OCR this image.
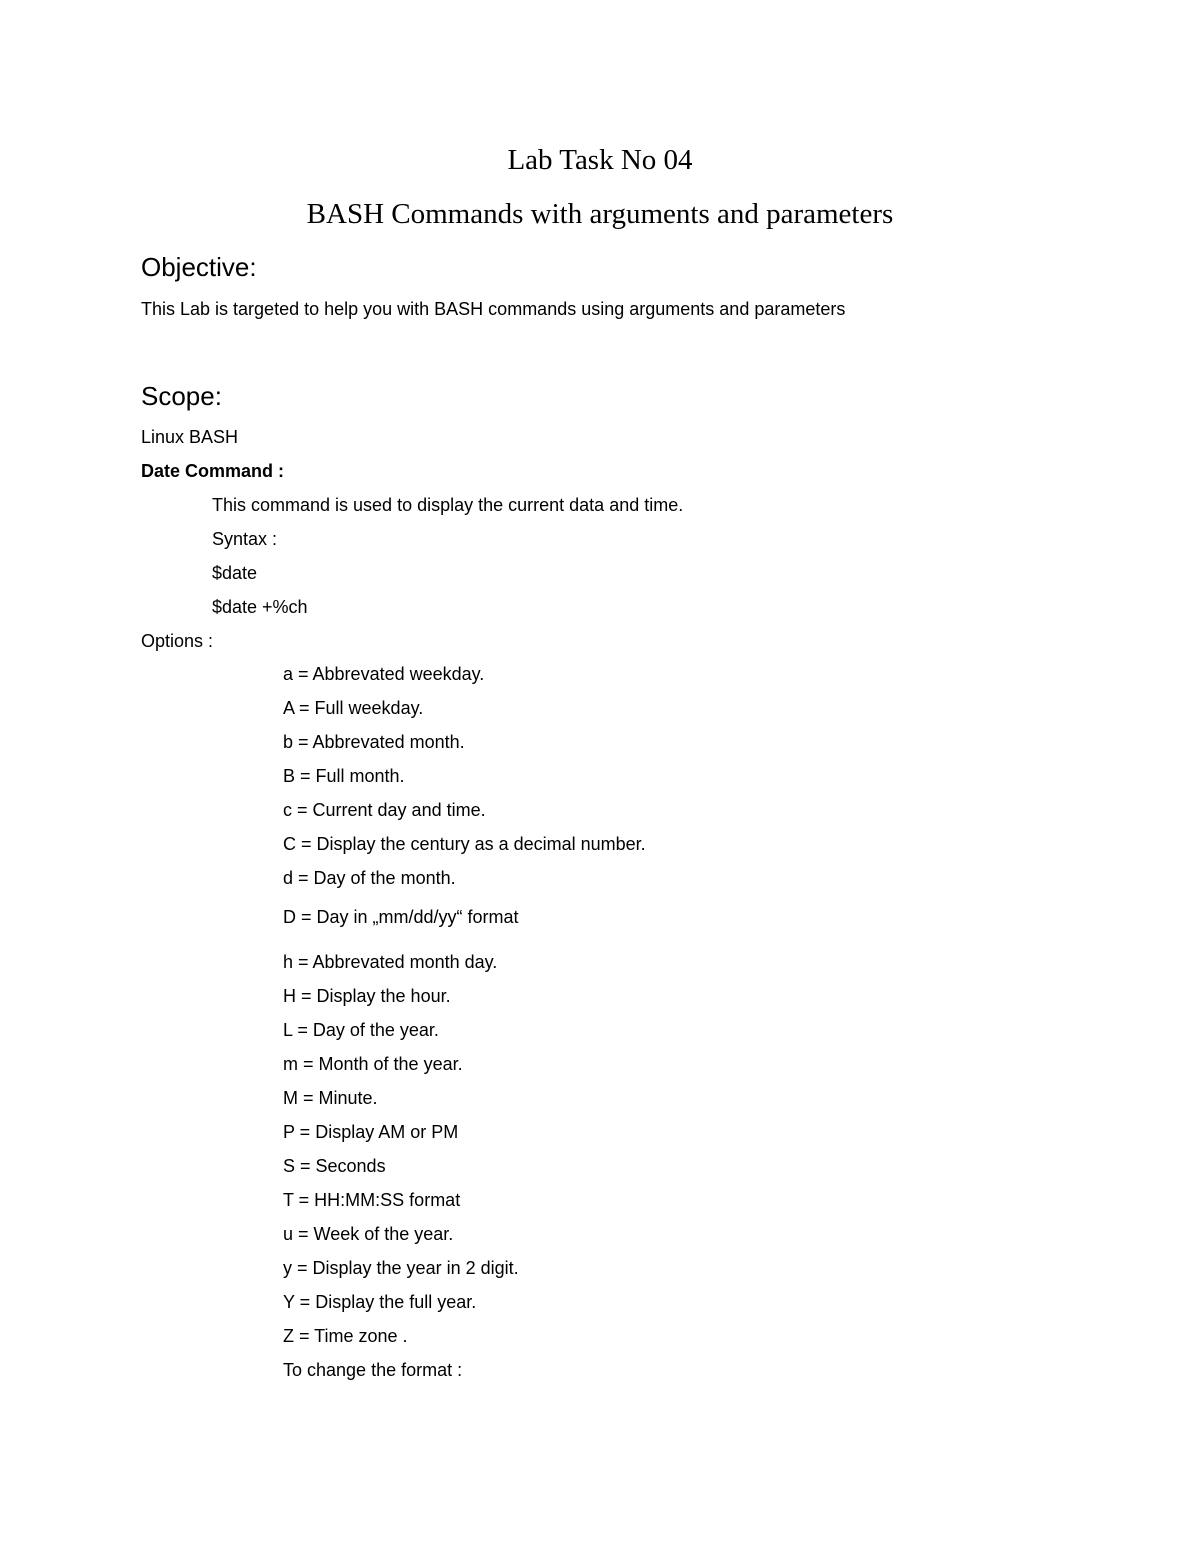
Lab Task No 04
BASH Commands with arguments and parameters
Objective:
This Lab is targeted to help you with BASH commands using arguments and parameters
Scope:
Linux BASH
Date Command :
This command is used to display the current data and time.
Syntax :
$date
$date +%ch
Options :
a = Abbrevated weekday.
A = Full weekday.
b = Abbrevated month.
B = Full month.
c = Current day and time.
C = Display the century as a decimal number.
d = Day of the month.
D = Day in „mm/dd/yy“ format
h = Abbrevated month day.
H = Display the hour.
L = Day of the year.
m = Month of the year.
M = Minute.
P = Display AM or PM
S = Seconds
T = HH:MM:SS format
u = Week of the year.
y = Display the year in 2 digit.
Y = Display the full year.
Z = Time zone .
To change the format :
